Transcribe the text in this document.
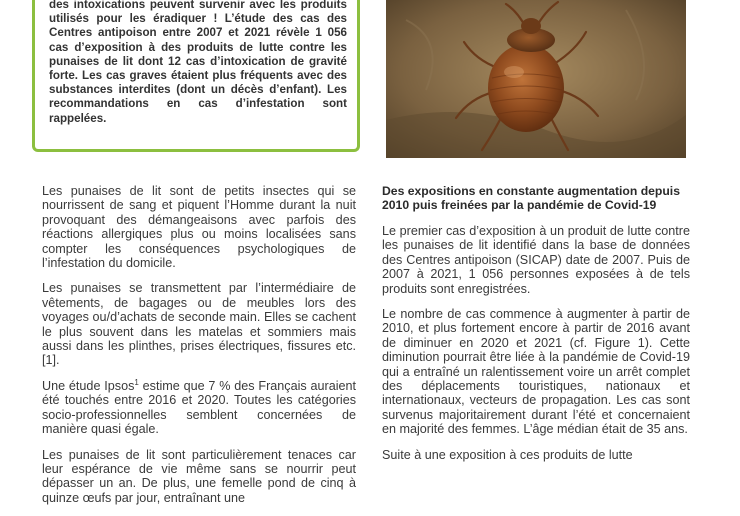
des intoxications peuvent survenir avec les produits utilisés pour les éradiquer ! L’étude des cas des Centres antipoison entre 2007 et 2021 révèle 1 056 cas d’exposition à des produits de lutte contre les punaises de lit dont 12 cas d’intoxication de gravité forte. Les cas graves étaient plus fréquents avec des substances interdites (dont un décès d’enfant). Les recommandations en cas d’infestation sont rappelées.

Les punaises de lit sont de petits insectes qui se nourrissent de sang et piquent l’Homme durant la nuit provoquant des démangeaisons avec parfois des réactions allergiques plus ou moins localisées sans compter les conséquences psychologiques de l’infestation du domicile.

Les punaises se transmettent par l’intermédiaire de vêtements, de bagages ou de meubles lors des voyages ou/d’achats de seconde main. Elles se cachent le plus souvent dans les matelas et sommiers mais aussi dans les plinthes, prises électriques, fissures etc. [1].

Une étude Ipsos$^1$ estime que 7 % des Français auraient été touchés entre 2016 et 2020. Toutes les catégories socio-professionnelles semblent concernées de manière quasi égale.

Les punaises de lit sont particulièrement tenaces car leur espérance de vie même sans se nourrir peut dépasser un an. De plus, une femelle pond de cinq à quinze œufs par jour, entraînant une

Des expositions en constante augmentation depuis 2010 puis freinées par la pandémie de Covid-19

Le premier cas d’exposition à un produit de lutte contre les punaises de lit identifié dans la base de données des Centres antipoison (SICAP) date de 2007. Puis de 2007 à 2021, 1 056 personnes exposées à de tels produits sont enregistrées.

Le nombre de cas commence à augmenter à partir de 2010, et plus fortement encore à partir de 2016 avant de diminuer en 2020 et 2021 (cf. Figure 1). Cette diminution pourrait être liée à la pandémie de Covid-19 qui a entraîné un ralentissement voire un arrêt complet des déplacements touristiques, nationaux et internationaux, vecteurs de propagation. Les cas sont survenus majoritairement durant l’été et concernaient en majorité des femmes. L’âge médian était de 35 ans.

Suite à une exposition à ces produits de lutte
